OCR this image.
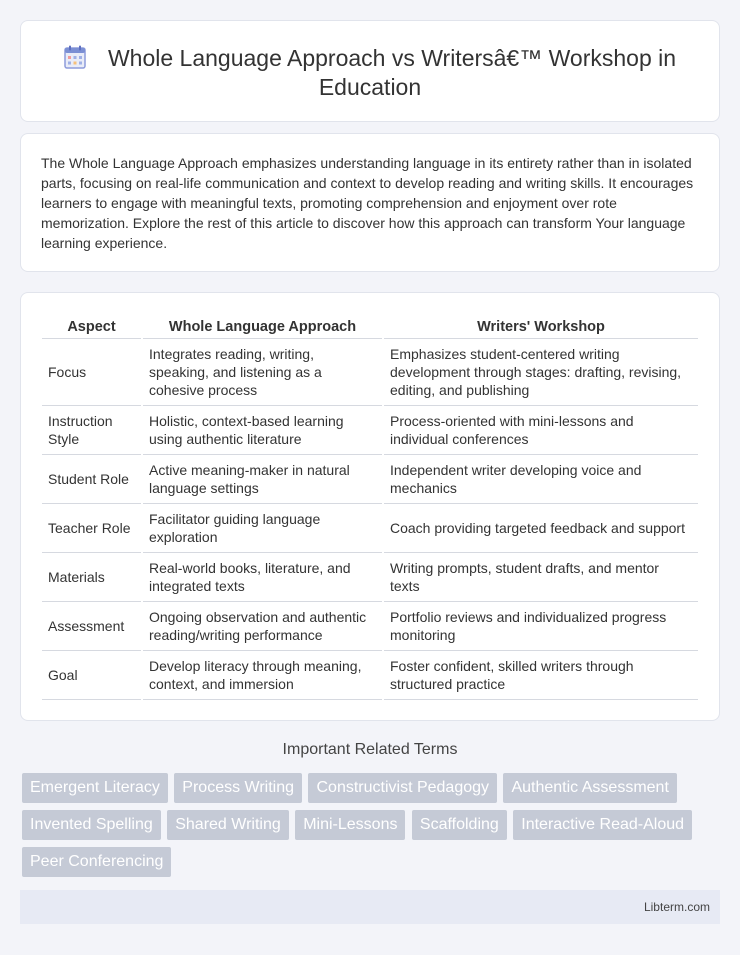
Whole Language Approach vs Writersâ€™ Workshop in Education

The Whole Language Approach emphasizes understanding language in its entirety rather than in isolated parts, focusing on real-life communication and context to develop reading and writing skills. It encourages learners to engage with meaningful texts, promoting comprehension and enjoyment over rote memorization. Explore the rest of this article to discover how this approach can transform Your language learning experience.

Aspect	Whole Language Approach	Writers' Workshop
Focus	Integrates reading, writing, speaking, and listening as a cohesive process	Emphasizes student-centered writing development through stages: drafting, revising, editing, and publishing
Instruction Style	Holistic, context-based learning using authentic literature	Process-oriented with mini-lessons and individual conferences
Student Role	Active meaning-maker in natural language settings	Independent writer developing voice and mechanics
Teacher Role	Facilitator guiding language exploration	Coach providing targeted feedback and support
Materials	Real-world books, literature, and integrated texts	Writing prompts, student drafts, and mentor texts
Assessment	Ongoing observation and authentic reading/writing performance	Portfolio reviews and individualized progress monitoring
Goal	Develop literacy through meaning, context, and immersion	Foster confident, skilled writers through structured practice
Important Related Terms
Emergent Literacy Process Writing Constructivist Pedagogy Authentic Assessment Invented Spelling Shared Writing Mini-Lessons Scaffolding Interactive Read-Aloud Peer Conferencing
Libterm.com
